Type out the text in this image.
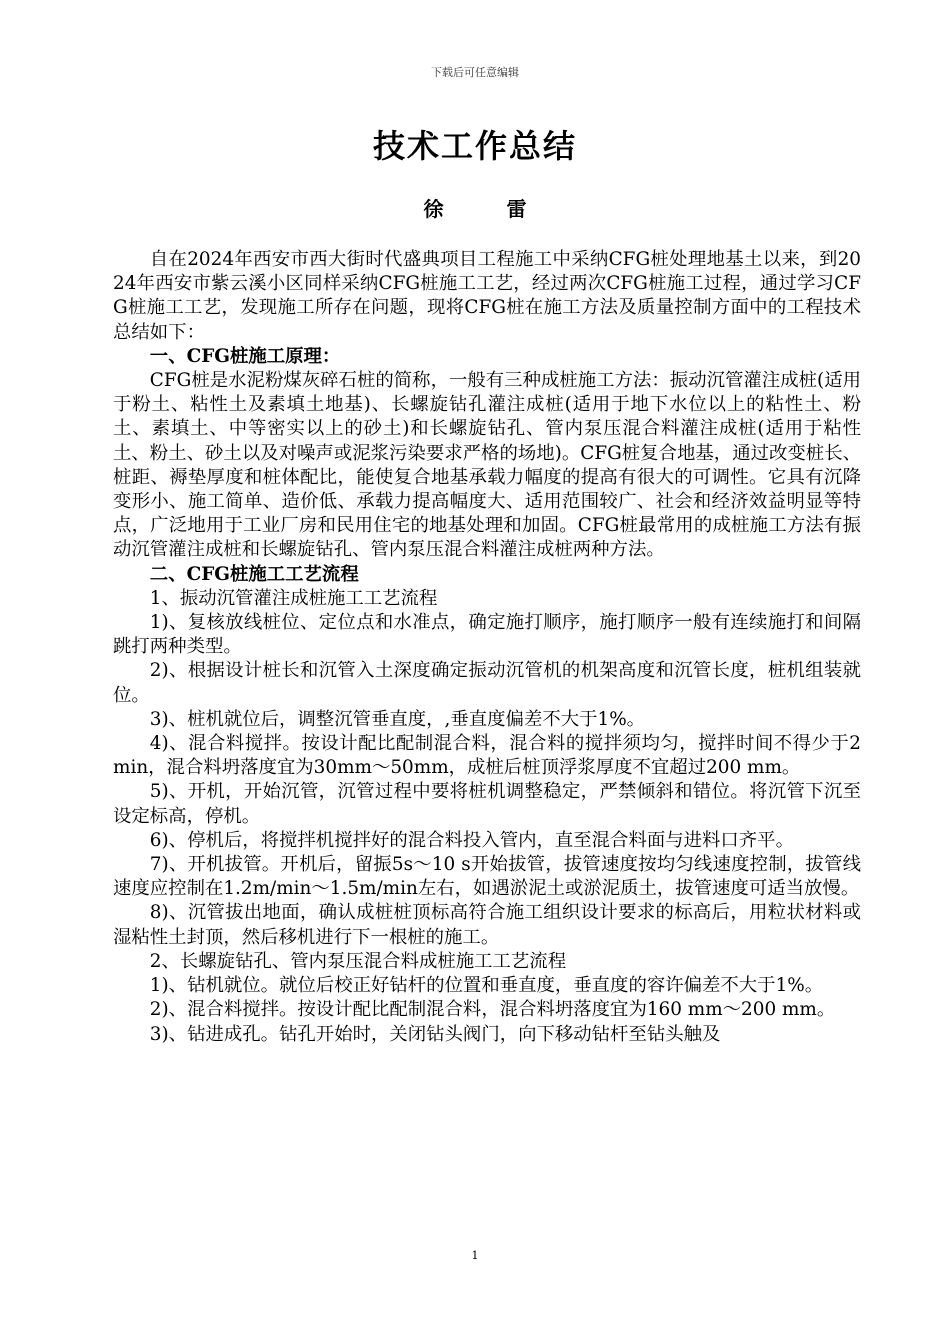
下载后可任意编辑
技术工作总结
徐 雷

自在2024年西安市西大街时代盛典项目工程施工中采纳CFG桩处理地基土以来，到2024年西安市紫云溪小区同样采纳CFG桩施工工艺，经过两次CFG桩施工过程，通过学习CFG桩施工工艺，发现施工所存在问题，现将CFG桩在施工方法及质量控制方面中的工程技术总结如下：

一、CFG桩施工原理：

CFG桩是水泥粉煤灰碎石桩的简称，一般有三种成桩施工方法：振动沉管灌注成桩(适用于粉土、粘性土及素填土地基)、长螺旋钻孔灌注成桩(适用于地下水位以上的粘性土、粉土、素填土、中等密实以上的砂土)和长螺旋钻孔、管内泵压混合料灌注成桩(适用于粘性土、粉土、砂土以及对噪声或泥浆污染要求严格的场地)。CFG桩复合地基，通过改变桩长、桩距、褥垫厚度和桩体配比，能使复合地基承载力幅度的提高有很大的可调性。它具有沉降变形小、施工简单、造价低、承载力提高幅度大、适用范围较广、社会和经济效益明显等特点，广泛地用于工业厂房和民用住宅的地基处理和加固。CFG桩最常用的成桩施工方法有振动沉管灌注成桩和长螺旋钻孔、管内泵压混合料灌注成桩两种方法。

二、CFG桩施工工艺流程

1、振动沉管灌注成桩施工工艺流程

1)、复核放线桩位、定位点和水准点，确定施打顺序，施打顺序一般有连续施打和间隔跳打两种类型。

2)、根据设计桩长和沉管入土深度确定振动沉管机的机架高度和沉管长度，桩机组装就位。

3)、桩机就位后，调整沉管垂直度，,垂直度偏差不大于1%。

4)、混合料搅拌。按设计配比配制混合料，混合料的搅拌须均匀，搅拌时间不得少于2 min，混合料坍落度宜为30mm～50mm，成桩后桩顶浮浆厚度不宜超过200 mm。

5)、开机，开始沉管，沉管过程中要将桩机调整稳定，严禁倾斜和错位。将沉管下沉至设定标高，停机。

6)、停机后，将搅拌机搅拌好的混合料投入管内，直至混合料面与进料口齐平。

7)、开机拔管。开机后，留振5s～10 s开始拔管，拔管速度按均匀线速度控制，拔管线速度应控制在1.2m/min～1.5m/min左右，如遇淤泥土或淤泥质土，拔管速度可适当放慢。

8)、沉管拔出地面，确认成桩桩顶标高符合施工组织设计要求的标高后，用粒状材料或湿粘性土封顶，然后移机进行下一根桩的施工。

2、长螺旋钻孔、管内泵压混合料成桩施工工艺流程

1)、钻机就位。就位后校正好钻杆的位置和垂直度，垂直度的容许偏差不大于1%。

2)、混合料搅拌。按设计配比配制混合料，混合料坍落度宜为160 mm～200 mm。

3)、钻进成孔。钻孔开始时，关闭钻头阀门，向下移动钻杆至钻头触及

1
